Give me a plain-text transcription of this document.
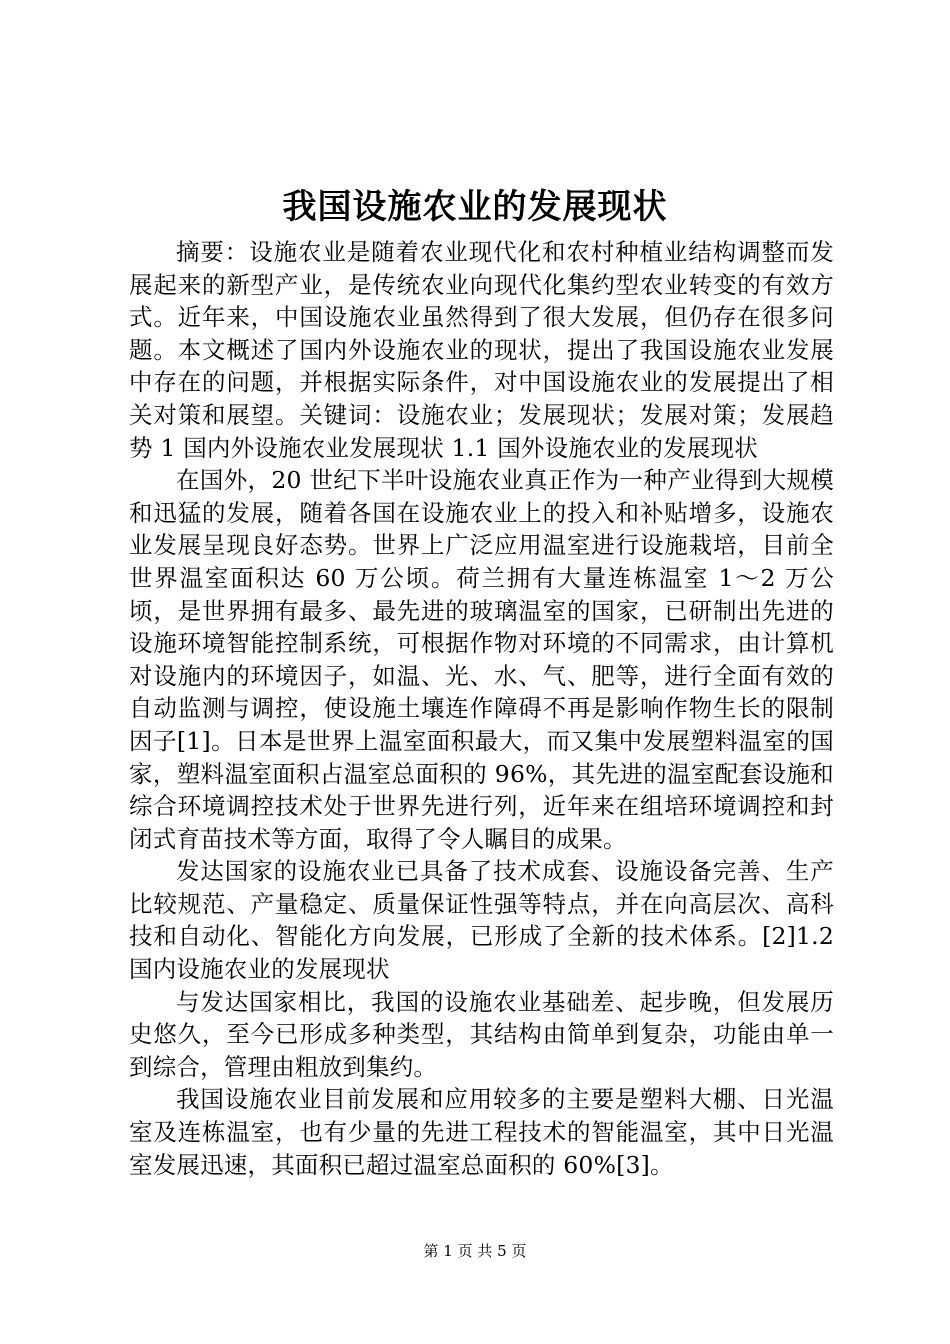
我国设施农业的发展现状

摘要：设施农业是随着农业现代化和农村种植业结构调整而发展起来的新型产业，是传统农业向现代化集约型农业转变的有效方式。近年来，中国设施农业虽然得到了很大发展，但仍存在很多问题。本文概述了国内外设施农业的现状，提出了我国设施农业发展中存在的问题，并根据实际条件，对中国设施农业的发展提出了相关对策和展望。关键词：设施农业；发展现状；发展对策；发展趋势 1 国内外设施农业发展现状 1.1 国外设施农业的发展现状

在国外，20 世纪下半叶设施农业真正作为一种产业得到大规模和迅猛的发展，随着各国在设施农业上的投入和补贴增多，设施农业发展呈现良好态势。世界上广泛应用温室进行设施栽培，目前全世界温室面积达 60 万公顷。荷兰拥有大量连栋温室 1～2 万公顷，是世界拥有最多、最先进的玻璃温室的国家，已研制出先进的设施环境智能控制系统，可根据作物对环境的不同需求，由计算机对设施内的环境因子，如温、光、水、气、肥等，进行全面有效的自动监测与调控，使设施土壤连作障碍不再是影响作物生长的限制因子[1]。日本是世界上温室面积最大，而又集中发展塑料温室的国家，塑料温室面积占温室总面积的 96%，其先进的温室配套设施和综合环境调控技术处于世界先进行列，近年来在组培环境调控和封闭式育苗技术等方面，取得了令人瞩目的成果。

发达国家的设施农业已具备了技术成套、设施设备完善、生产比较规范、产量稳定、质量保证性强等特点，并在向高层次、高科技和自动化、智能化方向发展，已形成了全新的技术体系。[2]1.2 国内设施农业的发展现状

与发达国家相比，我国的设施农业基础差、起步晚，但发展历史悠久，至今已形成多种类型，其结构由简单到复杂，功能由单一到综合，管理由粗放到集约。

我国设施农业目前发展和应用较多的主要是塑料大棚、日光温室及连栋温室，也有少量的先进工程技术的智能温室，其中日光温室发展迅速，其面积已超过温室总面积的 60%[3]。

第 1 页 共 5 页
